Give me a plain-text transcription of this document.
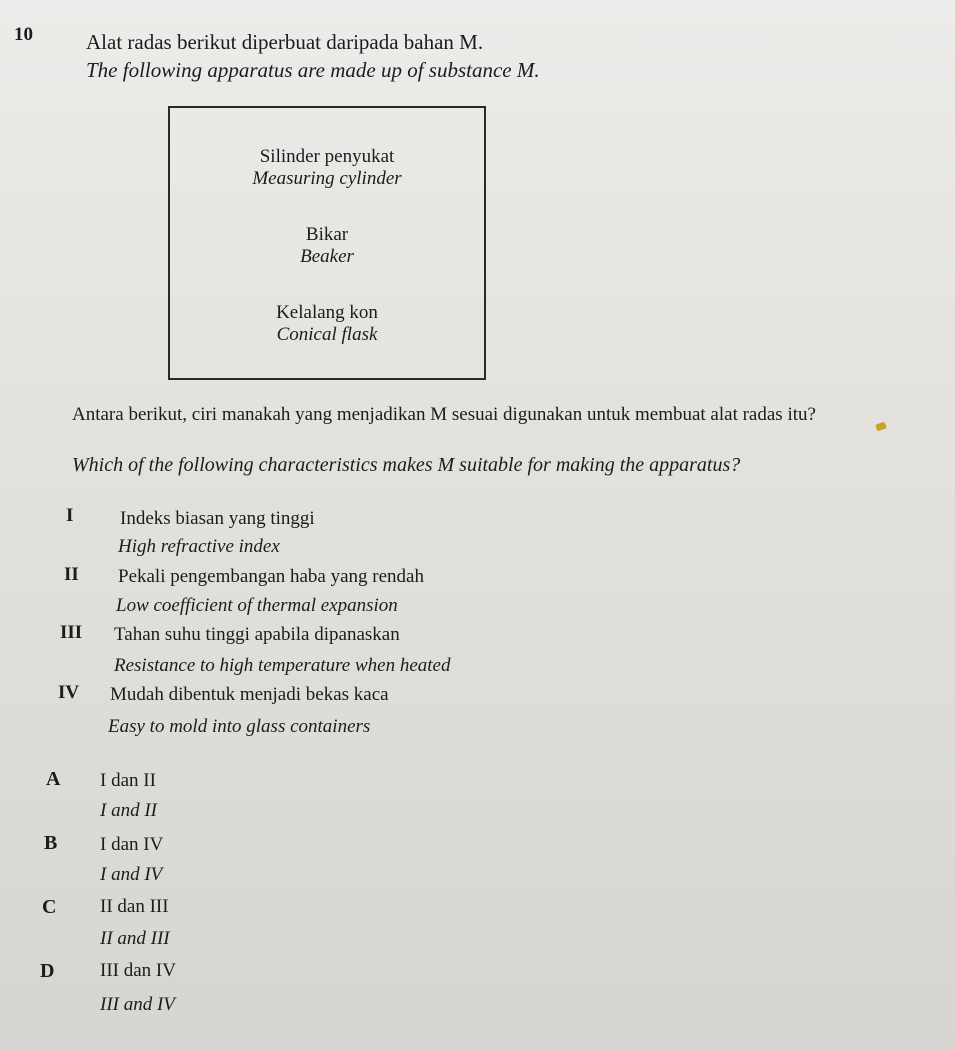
10	Alat radas berikut diperbuat daripada bahan M.
The following apparatus are made up of substance M.
Silinder penyukat
Measuring cylinder
Bikar
Beaker
Kelalang kon
Conical flask
Antara berikut, ciri manakah yang menjadikan M sesuai digunakan untuk membuat alat radas itu?
Which of the following characteristics makes M suitable for making the apparatus?
I Indeks biasan yang tinggi
High refractive index
II Pekali pengembangan haba yang rendah
Low coefficient of thermal expansion
III Tahan suhu tinggi apabila dipanaskan
Resistance to high temperature when heated
IV Mudah dibentuk menjadi bekas kaca
Easy to mold into glass containers
A I dan II
I and II
B I dan IV
I and IV
C II dan III
II and III
D III dan IV
III and IV
